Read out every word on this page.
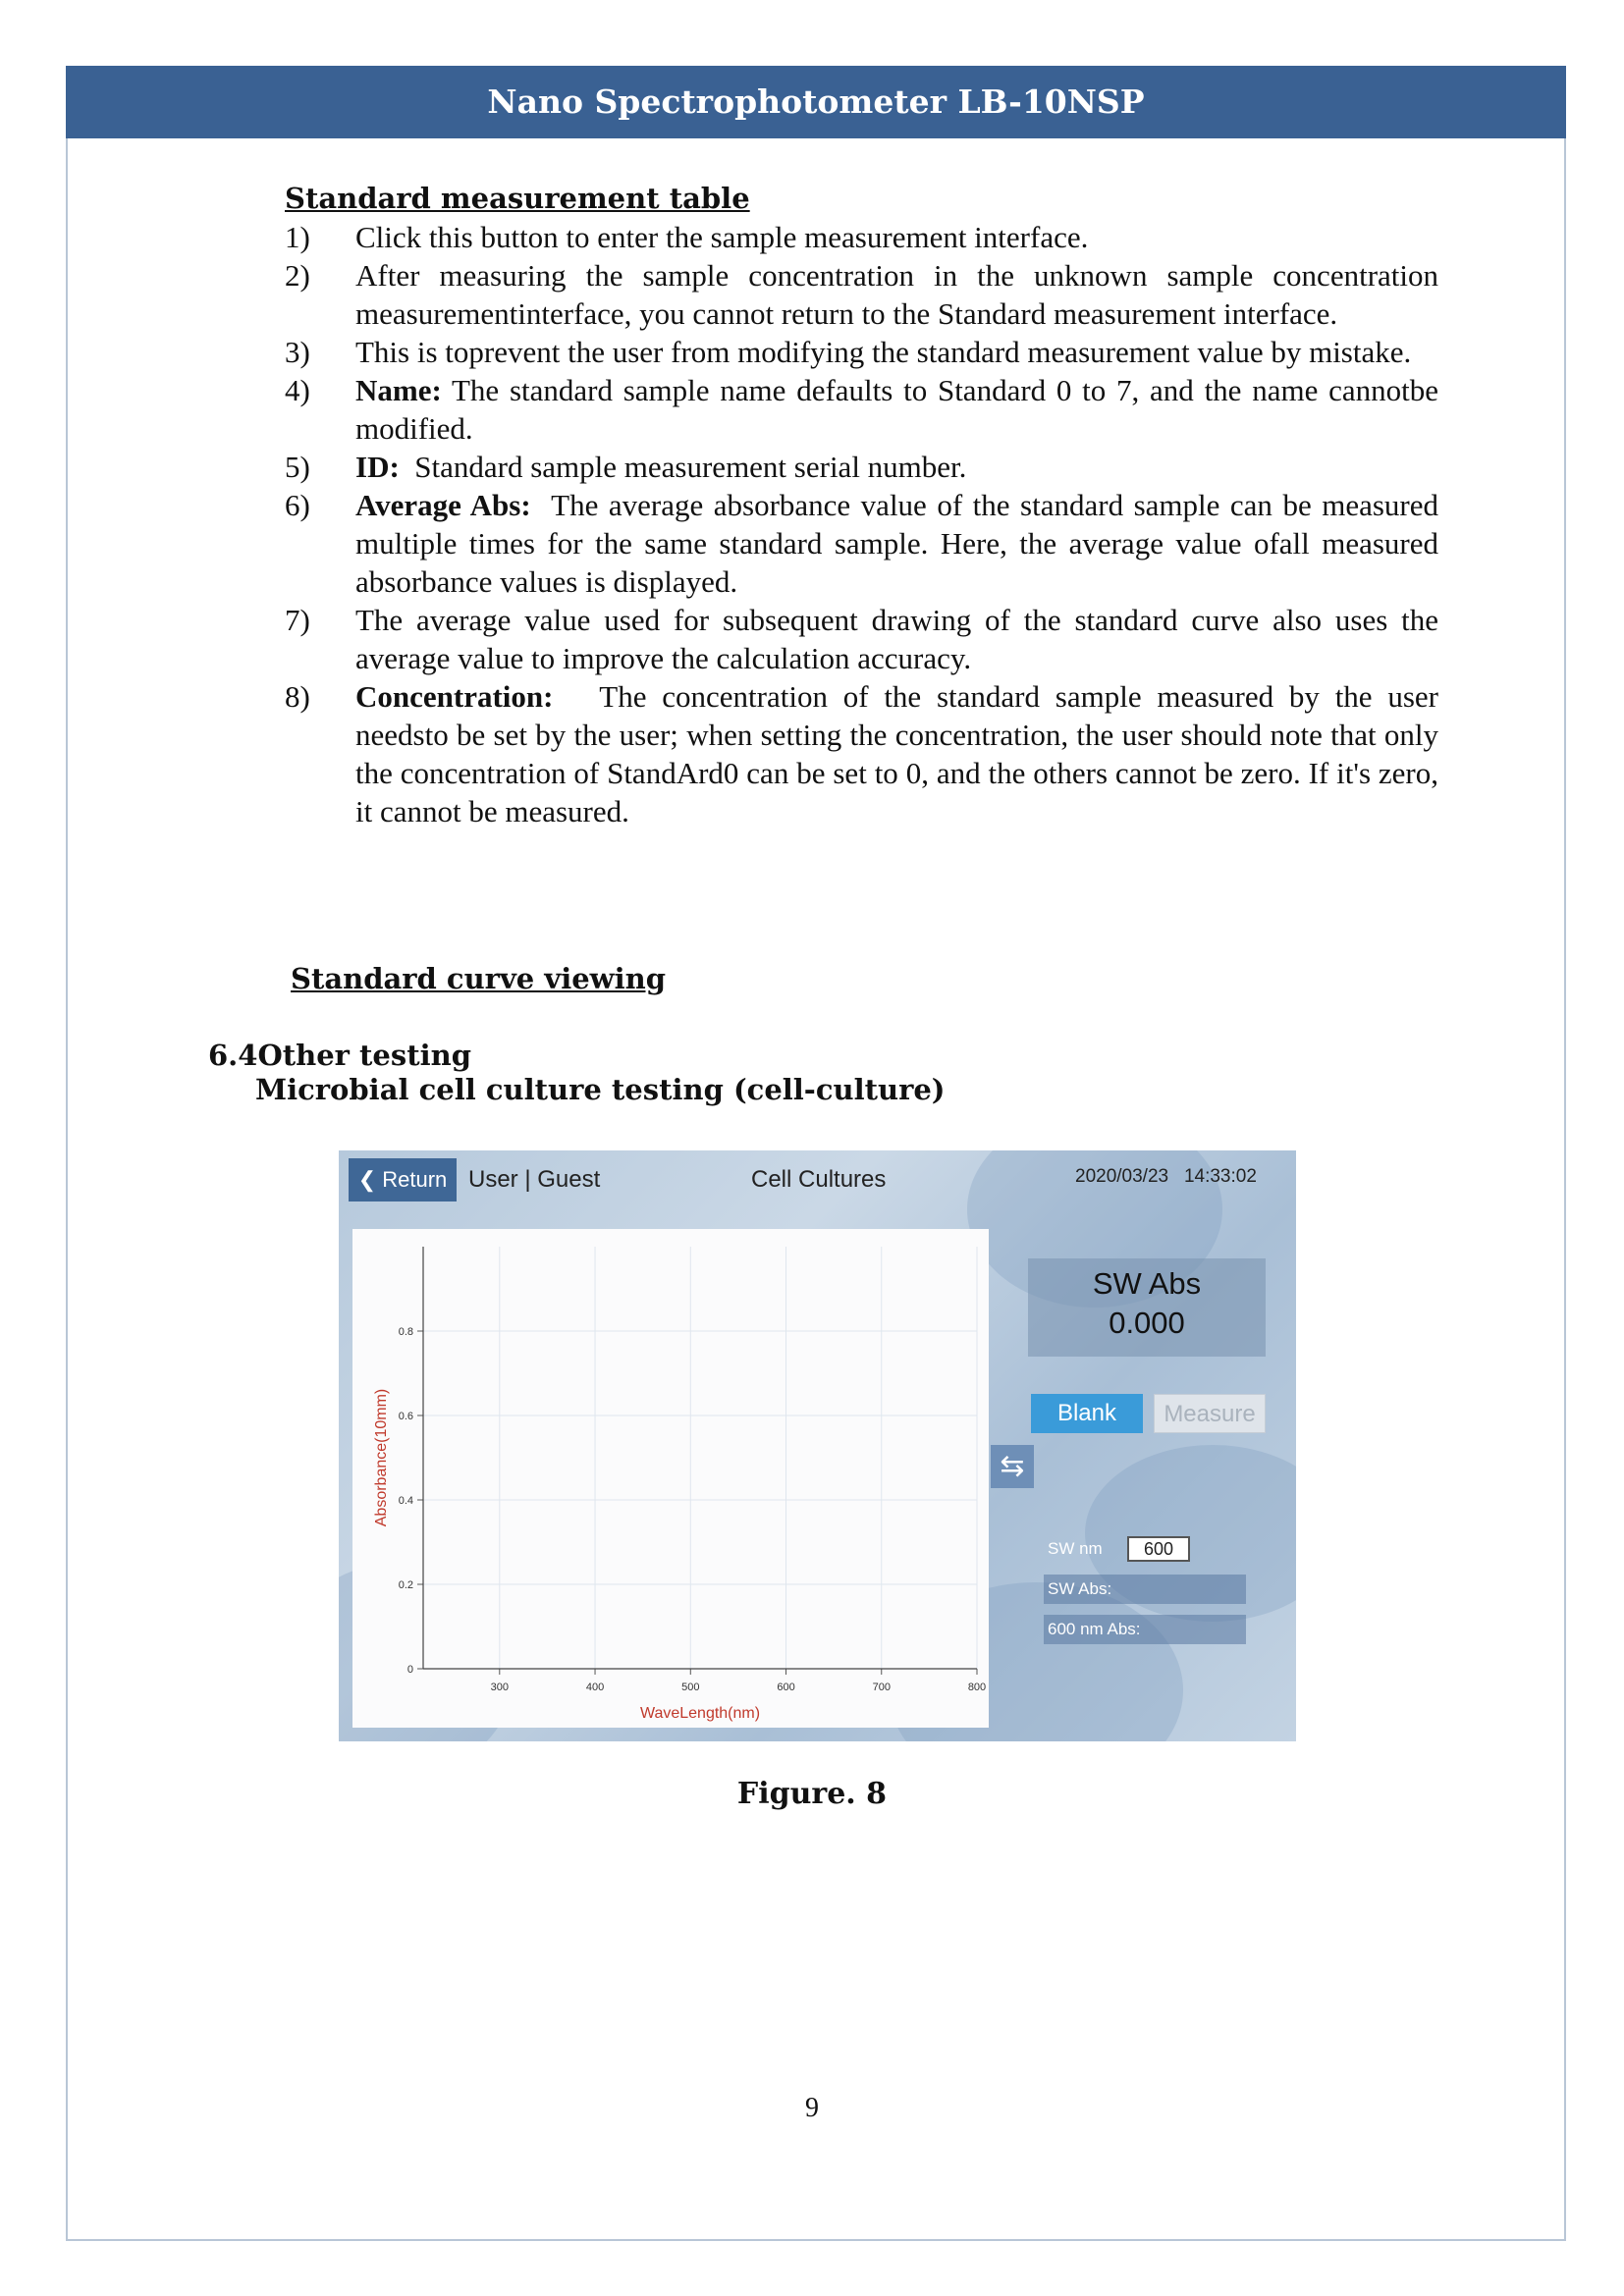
Nano Spectrophotometer LB-10NSP
Standard measurement table
1)	Click this button to enter the sample measurement interface.
2)	After measuring the sample concentration in the unknown sample concentration measurementinterface, you cannot return to the Standard measurement interface.
3)	This is toprevent the user from modifying the standard measurement value by mistake.
4)	Name: The standard sample name defaults to Standard 0 to 7, and the name cannotbe modified.
5)	ID:  Standard sample measurement serial number.
6)	Average Abs:  The average absorbance value of the standard sample can be measured multiple times for the same standard sample. Here, the average value ofall measured absorbance values is displayed.
7)	The average value used for subsequent drawing of the standard curve also uses the average value to improve the calculation accuracy.
8)	Concentration:   The concentration of the standard sample measured by the user needsto be set by the user; when setting the concentration, the user should note that only the concentration of StandArd0 can be set to 0, and the others cannot be zero. If it's zero, it cannot be measured.
Standard curve viewing
6.4Other testing
Microbial cell culture testing (cell-culture)
❮ Return User | Guest	Cell Cultures	2020/03/23 14:33:02
300	400	500	600	700	800
0
0.2
0.4
0.6
0.8
WaveLength(nm)
Absorbance(10mm)
SW Abs
0.000
Blank	Measure
⇆
SW nm	600
SW Abs:
600 nm Abs:
Figure. 8
9
